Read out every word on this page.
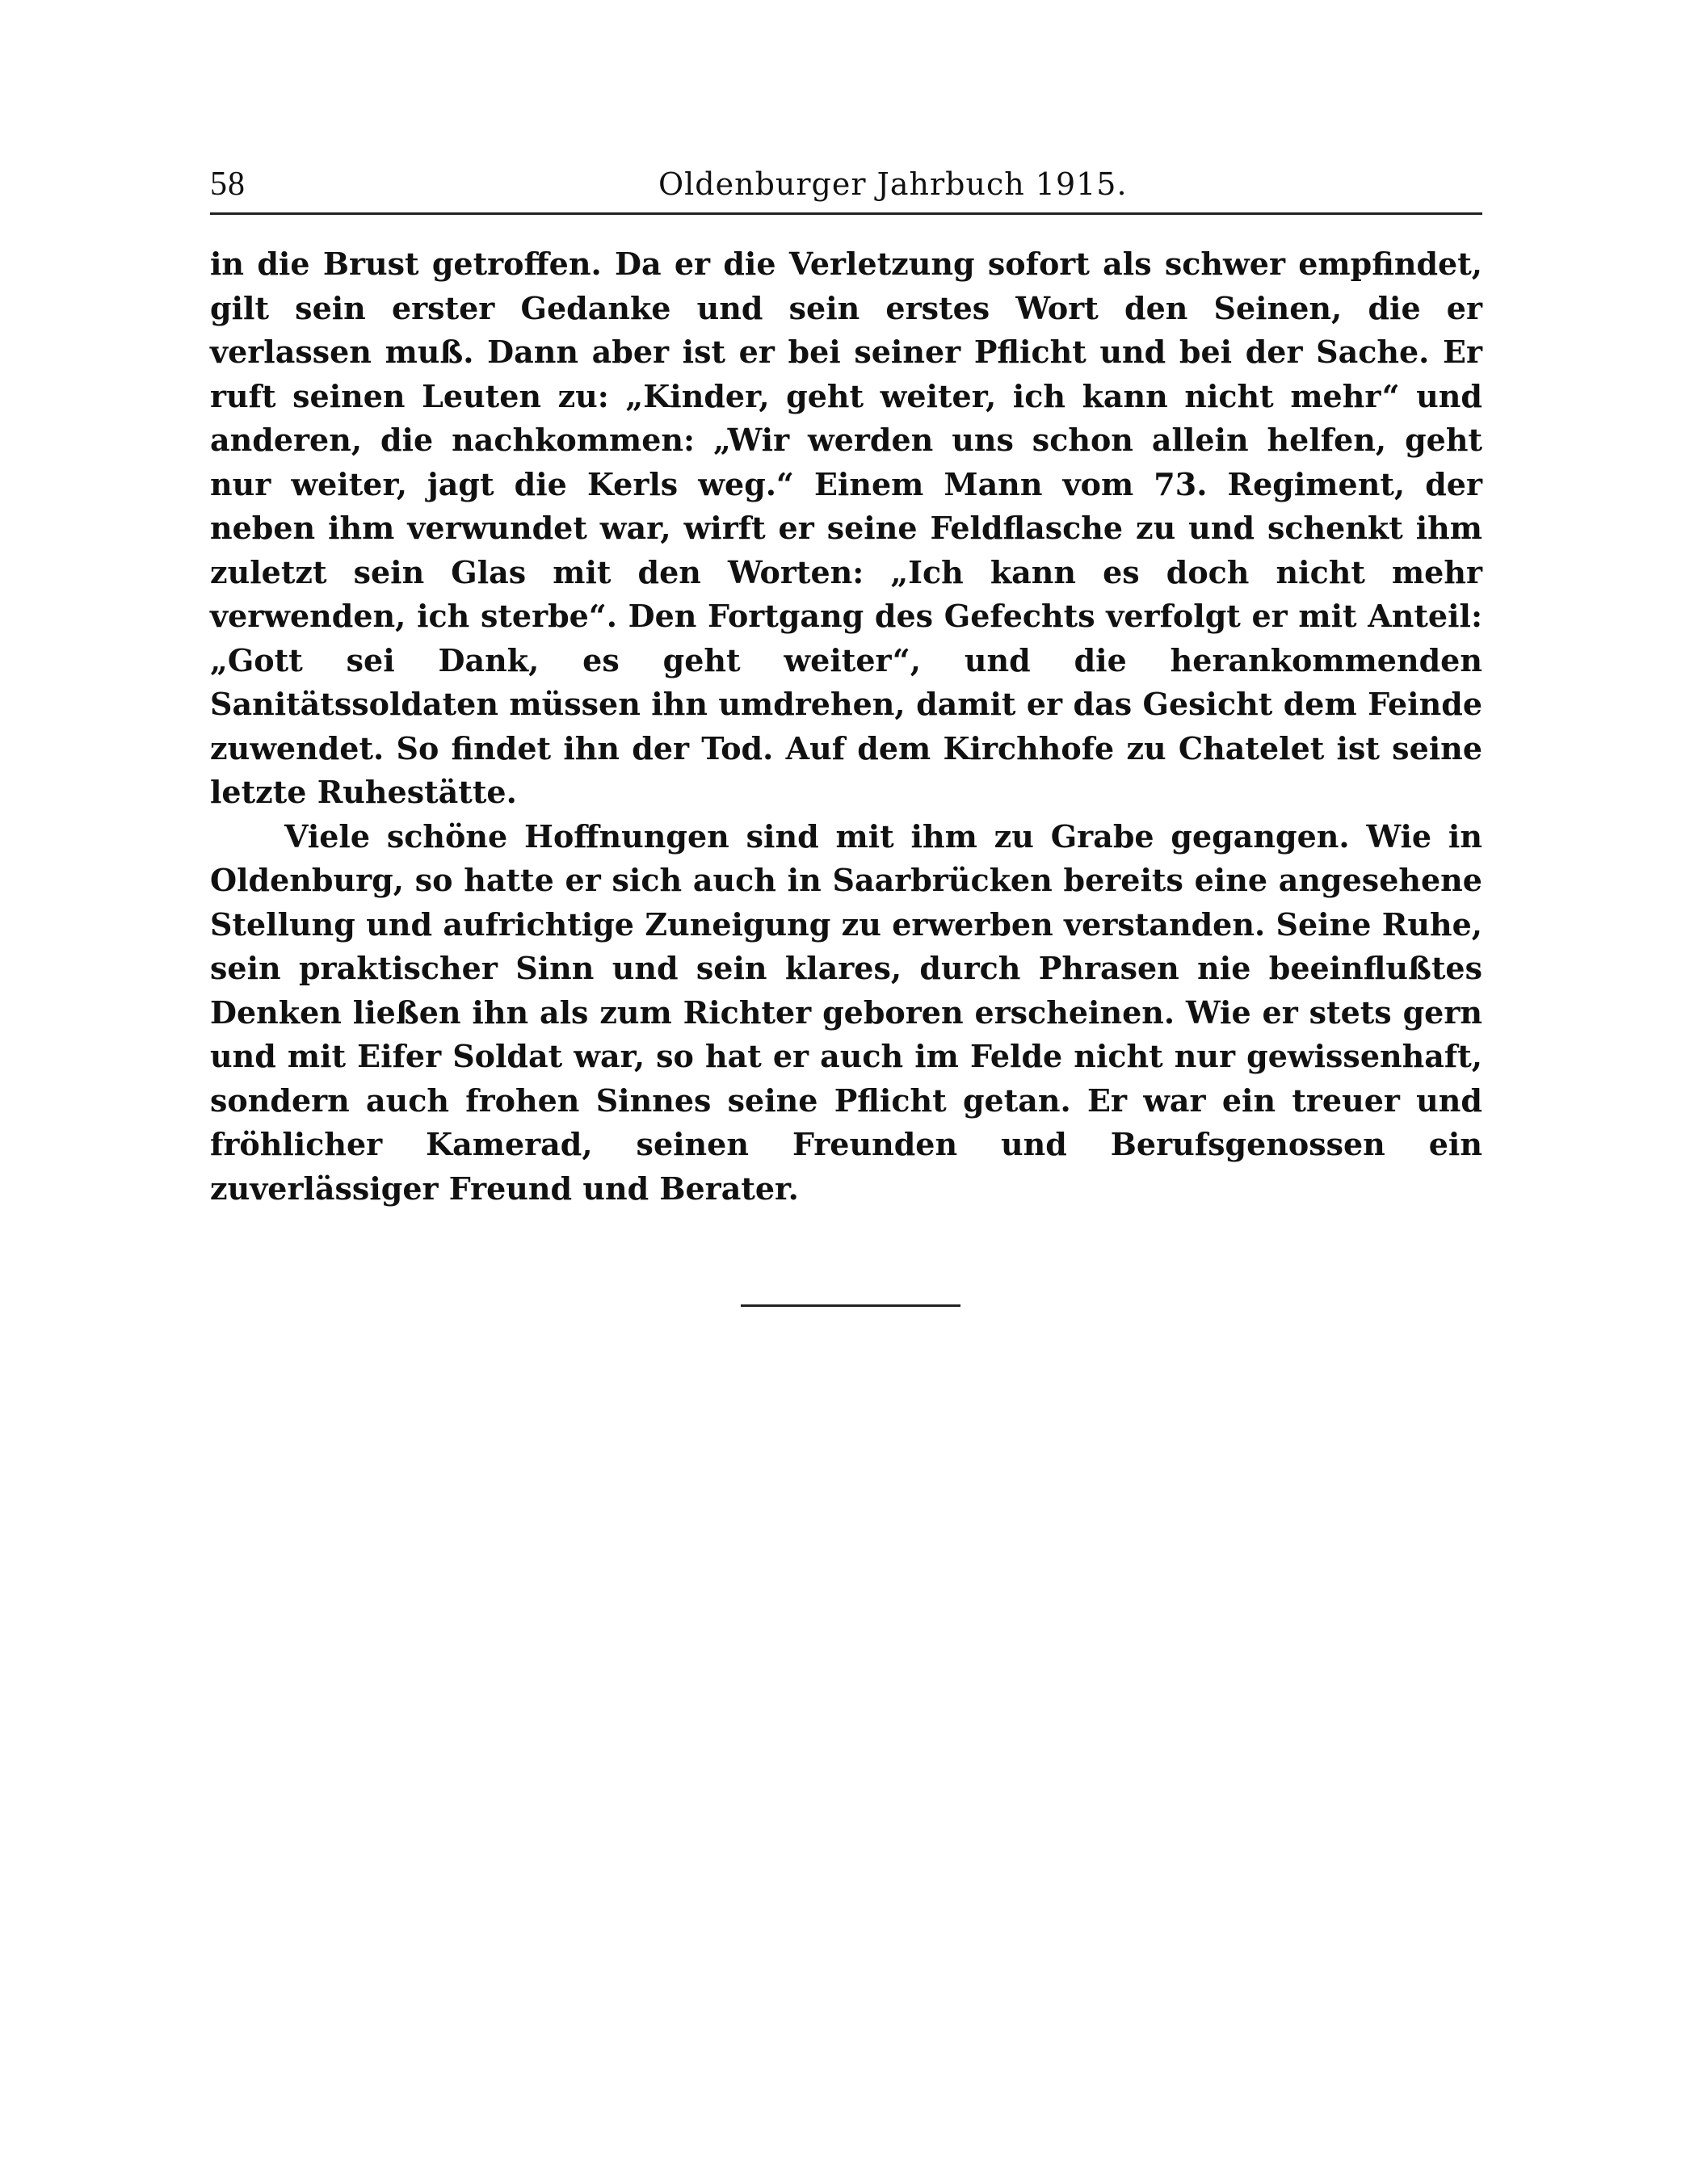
58	Oldenburger Jahrbuch 1915.

in die Brust getroffen. Da er die Verletzung sofort als schwer empfindet, gilt sein erster Gedanke und sein erstes Wort den Seinen, die er verlassen muß. Dann aber ist er bei seiner Pflicht und bei der Sache. Er ruft seinen Leuten zu: „Kinder, geht weiter, ich kann nicht mehr“ und anderen, die nachkommen: „Wir werden uns schon allein helfen, geht nur weiter, jagt die Kerls weg.“ Einem Mann vom 73. Regiment, der neben ihm verwundet war, wirft er seine Feldflasche zu und schenkt ihm zuletzt sein Glas mit den Worten: „Ich kann es doch nicht mehr verwenden, ich sterbe“. Den Fortgang des Gefechts verfolgt er mit Anteil: „Gott sei Dank, es geht weiter“, und die herankommenden Sanitätssoldaten müssen ihn umdrehen, damit er das Gesicht dem Feinde zuwendet. So findet ihn der Tod. Auf dem Kirchhofe zu Chatelet ist seine letzte Ruhestätte.

Viele schöne Hoffnungen sind mit ihm zu Grabe gegangen. Wie in Oldenburg, so hatte er sich auch in Saarbrücken bereits eine angesehene Stellung und aufrichtige Zuneigung zu erwerben verstanden. Seine Ruhe, sein praktischer Sinn und sein klares, durch Phrasen nie beeinflußtes Denken ließen ihn als zum Richter geboren erscheinen. Wie er stets gern und mit Eifer Soldat war, so hat er auch im Felde nicht nur gewissenhaft, sondern auch frohen Sinnes seine Pflicht getan. Er war ein treuer und fröhlicher Kamerad, seinen Freunden und Berufsgenossen ein zuverlässiger Freund und Berater.
